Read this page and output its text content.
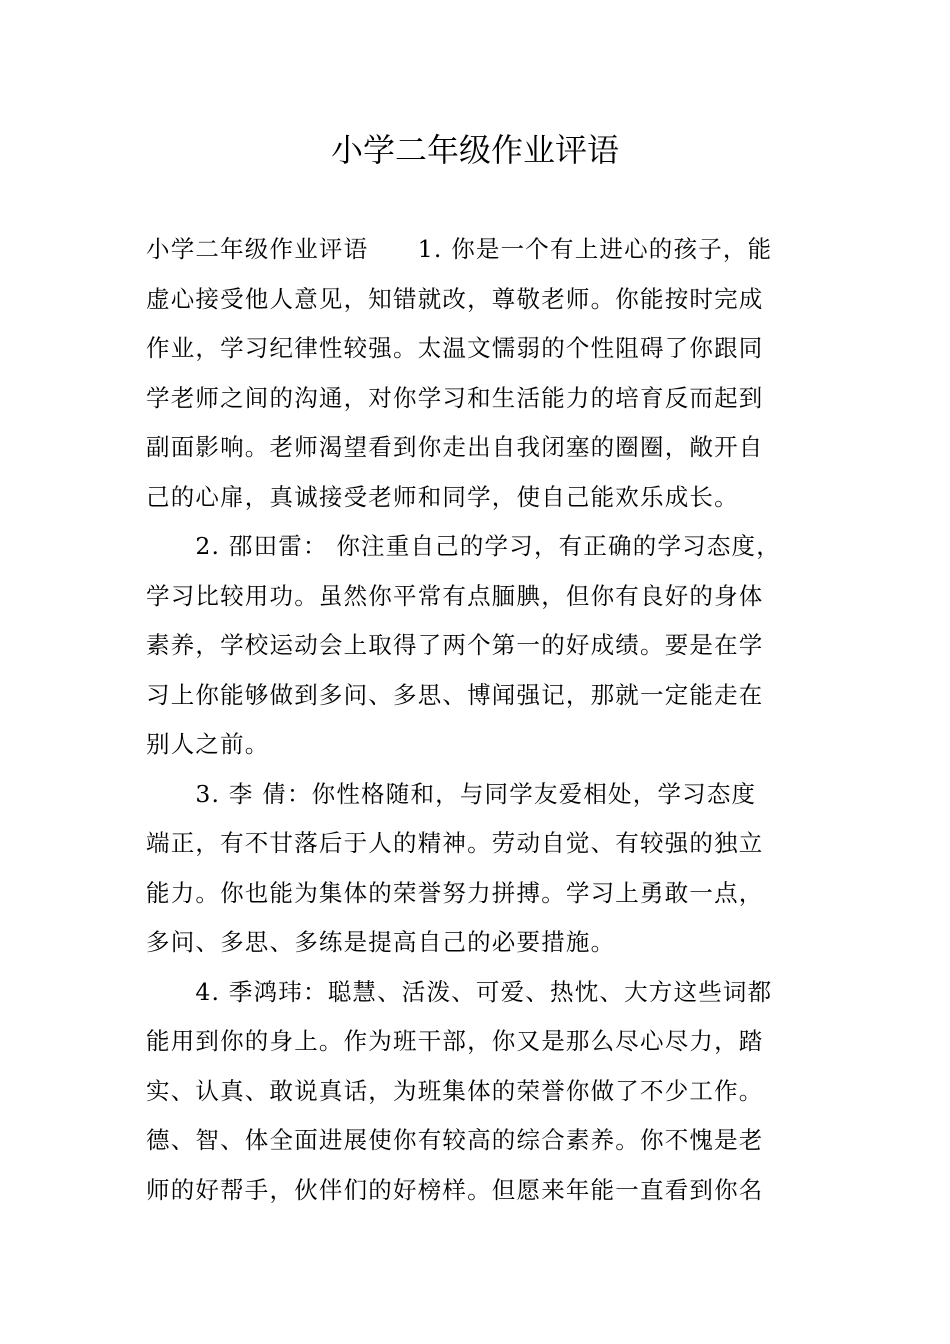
小学二年级作业评语
小学二年级作业评语　　1. 你是一个有上进心的孩子，能
虚心接受他人意见，知错就改，尊敬老师。你能按时完成
作业，学习纪律性较强。太温文懦弱的个性阻碍了你跟同
学老师之间的沟通，对你学习和生活能力的培育反而起到
副面影响。老师渴望看到你走出自我闭塞的圈圈，敞开自
己的心扉，真诚接受老师和同学，使自己能欢乐成长。
　　2. 邵田雷： 你注重自己的学习，有正确的学习态度，
学习比较用功。虽然你平常有点腼腆，但你有良好的身体
素养，学校运动会上取得了两个第一的好成绩。要是在学
习上你能够做到多问、多思、博闻强记，那就一定能走在
别人之前。
　　3. 李 倩：你性格随和，与同学友爱相处，学习态度
端正，有不甘落后于人的精神。劳动自觉、有较强的独立
能力。你也能为集体的荣誉努力拼搏。学习上勇敢一点，
多问、多思、多练是提高自己的必要措施。
　　4. 季鸿玮：聪慧、活泼、可爱、热忱、大方这些词都
能用到你的身上。作为班干部，你又是那么尽心尽力，踏
实、认真、敢说真话，为班集体的荣誉你做了不少工作。
德、智、体全面进展使你有较高的综合素养。你不愧是老
师的好帮手，伙伴们的好榜样。但愿来年能一直看到你名
